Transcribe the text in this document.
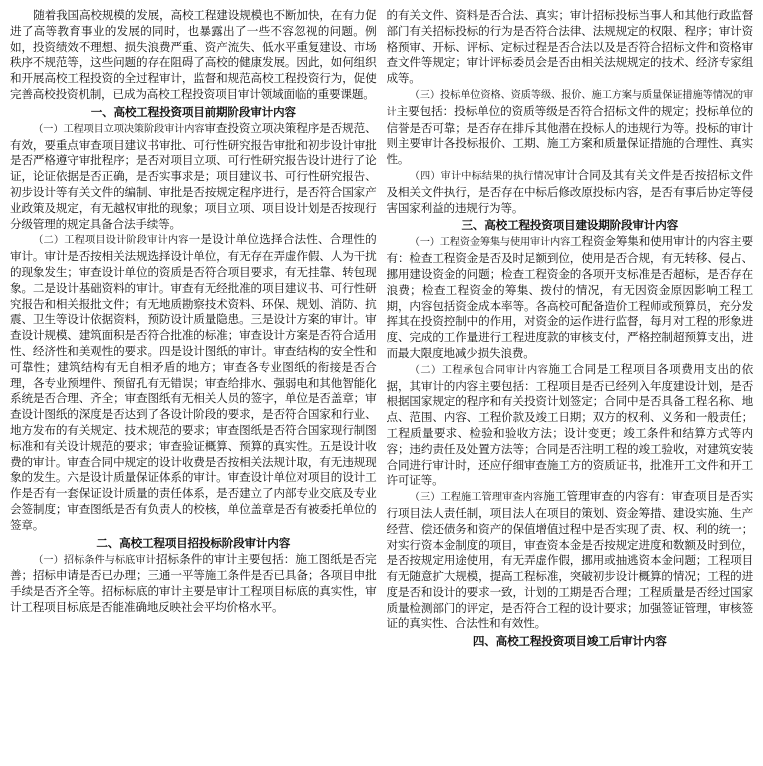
随着我国高校规模的发展，高校工程建设规模也不断加快，在有力促进了高等教育事业的发展的同时，也暴露出了一些不容忽视的问题。例如，投资绩效不理想、损失浪费严重、资产流失、低水平重复建设、市场秩序不规范等，这些问题的存在阻碍了高校的健康发展。因此，如何组织和开展高校工程投资的全过程审计，监督和规范高校工程投资行为，促使完善高校投资机制，已成为高校工程投资项目审计领域面临的重要课题。

一、高校工程投资项目前期阶段审计内容

（一）工程项目立项决策阶段审计内容审查投资立项决策程序是否规范、有效，要重点审查项目建议书审批、可行性研究报告审批和初步设计审批是否严格遵守审批程序；是否对项目立项、可行性研究报告设计进行了论证，论证依据是否正确，是否实事求是；项目建议书、可行性研究报告、初步设计等有关文件的编制、审批是否按规定程序进行，是否符合国家产业政策及规定，有无越权审批的现象；项目立项、项目设计划是否按现行分级管理的规定具备合法手续等。

（二）工程项目设计阶段审计内容一是设计单位选择合法性、合理性的审计。审计是否按相关法规选择设计单位，有无存在弄虚作假、人为干扰的现象发生；审查设计单位的资质是否符合项目要求，有无挂靠、转包现象。二是设计基础资料的审计。审查有无经批准的项目建议书、可行性研究报告和相关报批文件；有无地质勘察技术资料、环保、规划、消防、抗震、卫生等设计依据资料，预防设计质量隐患。三是设计方案的审计。审查设计规模、建筑面积是否符合批准的标准；审查设计方案是否符合适用性、经济性和美观性的要求。四是设计图纸的审计。审查结构的安全性和可靠性；建筑结构有无自相矛盾的地方；审查各专业图纸的衔接是否合理，各专业预埋件、预留孔有无错误；审查给排水、强弱电和其他智能化系统是否合理、齐全；审查图纸有无相关人员的签字，单位是否盖章；审查设计图纸的深度是否达到了各设计阶段的要求，是否符合国家和行业、地方发布的有关规定、技术规范的要求；审查图纸是否符合国家现行制图标准和有关设计规范的要求；审查验证概算、预算的真实性。五是设计收费的审计。审查合同中规定的设计收费是否按相关法规计取，有无违规现象的发生。六是设计质量保证体系的审计。审查设计单位对项目的设计工作是否有一套保证设计质量的责任体系，是否建立了内部专业交底及专业会签制度；审查图纸是否有负责人的校核，单位盖章是否有被委托单位的签章。

二、高校工程项目招投标阶段审计内容

（一）招标条件与标底审计招标条件的审计主要包括：施工图纸是否完善；招标申请是否已办理；三通一平等施工条件是否已具备；各项目申批手续是否齐全等。招标标底的审计主要是审计工程项目标底的真实性，审计工程项目标底是否能准确地反映社会平均价格水平。

的有关文件、资料是否合法、真实；审计招标投标当事人和其他行政监督部门有关招标投标的行为是否符合法律、法规规定的权限、程序；审计资格预审、开标、评标、定标过程是否合法以及是否符合招标文件和资格审查文件等规定；审计评标委员会是否由相关法规规定的技术、经济专家组成等。

（三）投标单位资格、资质等级、报价、施工方案与质量保证措施等情况的审计主要包括：投标单位的资质等级是否符合招标文件的规定；投标单位的信誉是否可靠；是否存在排斥其他潜在投标人的违规行为等。投标的审计则主要审计各投标报价、工期、施工方案和质量保证措施的合理性、真实性。

（四）审计中标结果的执行情况审计合同及其有关文件是否按招标文件及相关文件执行，是否存在中标后修改原投标内容，是否有事后协定等侵害国家利益的违规行为等。

三、高校工程投资项目建设期阶段审计内容

（一）工程资金筹集与使用审计内容工程资金筹集和使用审计的内容主要有：检查工程资金是否及时足额到位，使用是否合规，有无转移、侵占、挪用建设资金的问题；检查工程资金的各项开支标准是否超标，是否存在浪费；检查工程资金的筹集、拨付的情况，有无因资金原因影响工程工期，内容包括资金成本率等。各高校可配备造价工程师或预算员，充分发挥其在投资控制中的作用，对资金的运作进行监督，每月对工程的形象进度、完成的工作量进行工程进度款的审核支付，严格控制超预算支出，进而最大限度地减少损失浪费。

（二）工程承包合同审计内容施工合同是工程项目各项费用支出的依据，其审计的内容主要包括：工程项目是否已经列入年度建设计划，是否根据国家规定的程序和有关投资计划签定；合同中是否具备工程名称、地点、范围、内容、工程价款及竣工日期；双方的权利、义务和一般责任；工程质量要求、检验和验收方法；设计变更；竣工条件和结算方式等内容；违约责任及处置方法等；合同是否注明工程的竣工验收，对建筑安装合同进行审计时，还应仔细审查施工方的资质证书，批准开工文件和开工许可证等。

（三）工程施工管理审查内容施工管理审查的内容有：审查项目是否实行项目法人责任制，项目法人在项目的策划、资金筹措、建设实施、生产经营、偿还债务和资产的保值增值过程中是否实现了责、权、利的统一；对实行资本金制度的项目，审查资本金是否按规定进度和数额及时到位，是否按规定用途使用，有无弄虚作假，挪用或抽逃资本金问题；工程项目有无随意扩大规模，提高工程标准，突破初步设计概算的情况；工程的进度是否和设计的要求一致，计划的工期是否合理；工程质量是否经过国家质量检测部门的评定，是否符合工程的设计要求；加强签证管理，审核签证的真实性、合法性和有效性。

四、高校工程投资项目竣工后审计内容
